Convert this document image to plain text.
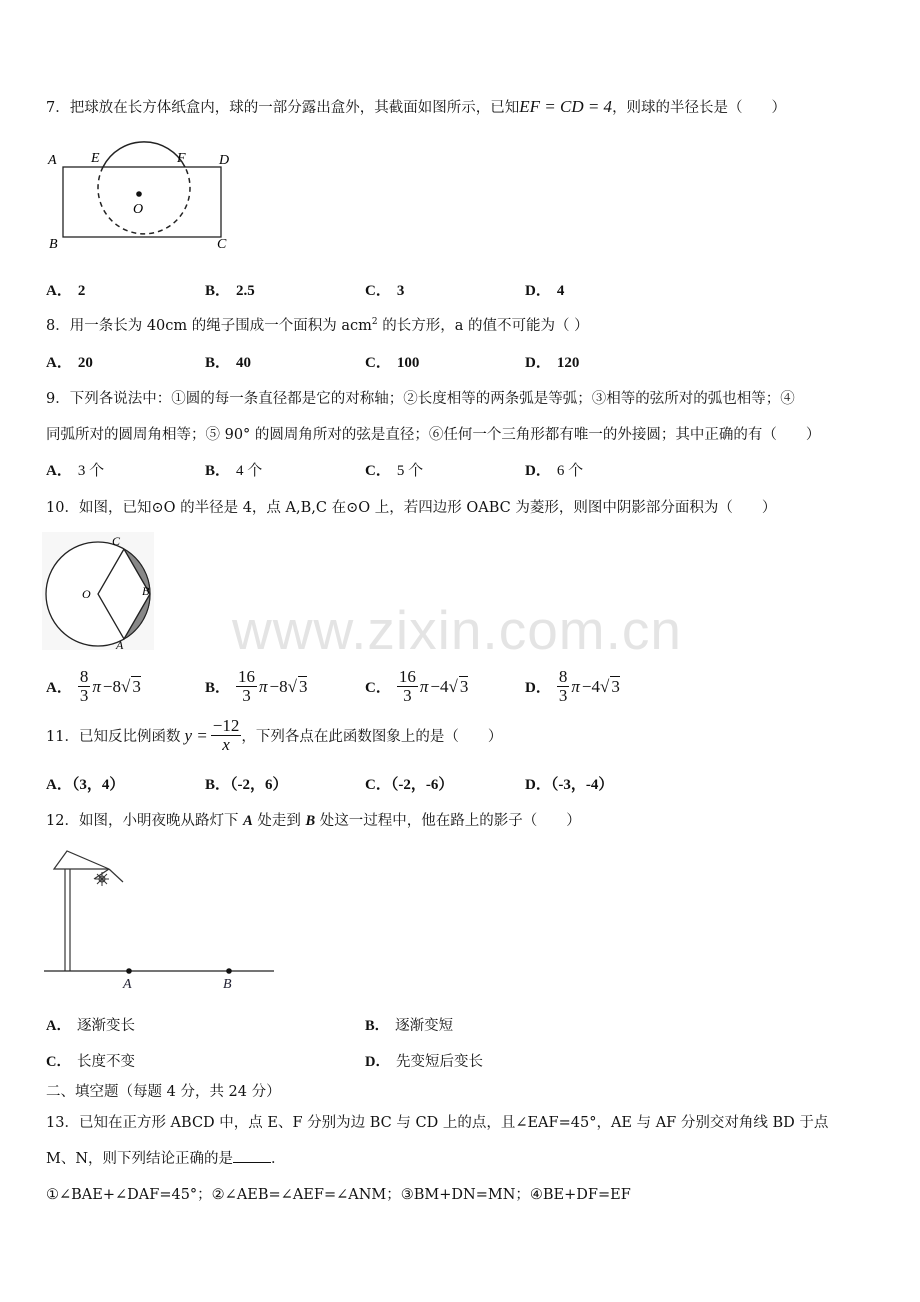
www.zixin.com.cn
7．把球放在长方体纸盒内，球的一部分露出盒外，其截面如图所示，已知EF = CD = 4，则球的半径长是（　　）
A E	F D
O
B	C
A． 2	B． 2.5	C． 3	D． 4
8．用一条长为 40cm 的绳子围成一个面积为 acm$^2$ 的长方形，a 的值不可能为（ ）
A． 20	B． 40	C． 100	D． 120
9．下列各说法中：①圆的每一条直径都是它的对称轴；②长度相等的两条弧是等弧；③相等的弦所对的弧也相等；④
同弧所对的圆周角相等；⑤ 90° 的圆周角所对的弦是直径；⑥任何一个三角形都有唯一的外接圆；其中正确的有（　　）
A． 3 个	B． 4 个	C． 5 个	D． 6 个
10．如图，已知⊙O 的半径是 4，点 A,B,C 在⊙O 上，若四边形 OABC 为菱形，则图中阴影部分面积为（　　）
C
O	B
A
A． $\frac{8}{3}$ π −8 √ 3	B． $\frac{16}{3}$ π −8 √ 3	C． $\frac{16}{3}$ π −4 √ 3	D． $\frac{8}{3}$ π −4 √ 3
11．已知反比例函数 $y = \frac{-12}{x}$ ，下列各点在此函数图象上的是（　　）
A．（3，4）	B．（-2，6）	C．（-2，-6）	D．（-3，-4）
12．如图，小明夜晚从路灯下 A 处走到 B 处这一过程中，他在路上的影子（　　）
A	B
A． 逐渐变长	B． 逐渐变短
C． 长度不变	D． 先变短后变长
二、填空题（每题 4 分，共 24 分）
13．已知在正方形 ABCD 中，点 E、F 分别为边 BC 与 CD 上的点，且∠EAF=45°，AE 与 AF 分别交对角线 BD 于点
M、N，则下列结论正确的是	．
①∠BAE+∠DAF=45°；②∠AEB=∠AEF=∠ANM；③BM+DN=MN；④BE+DF=EF
